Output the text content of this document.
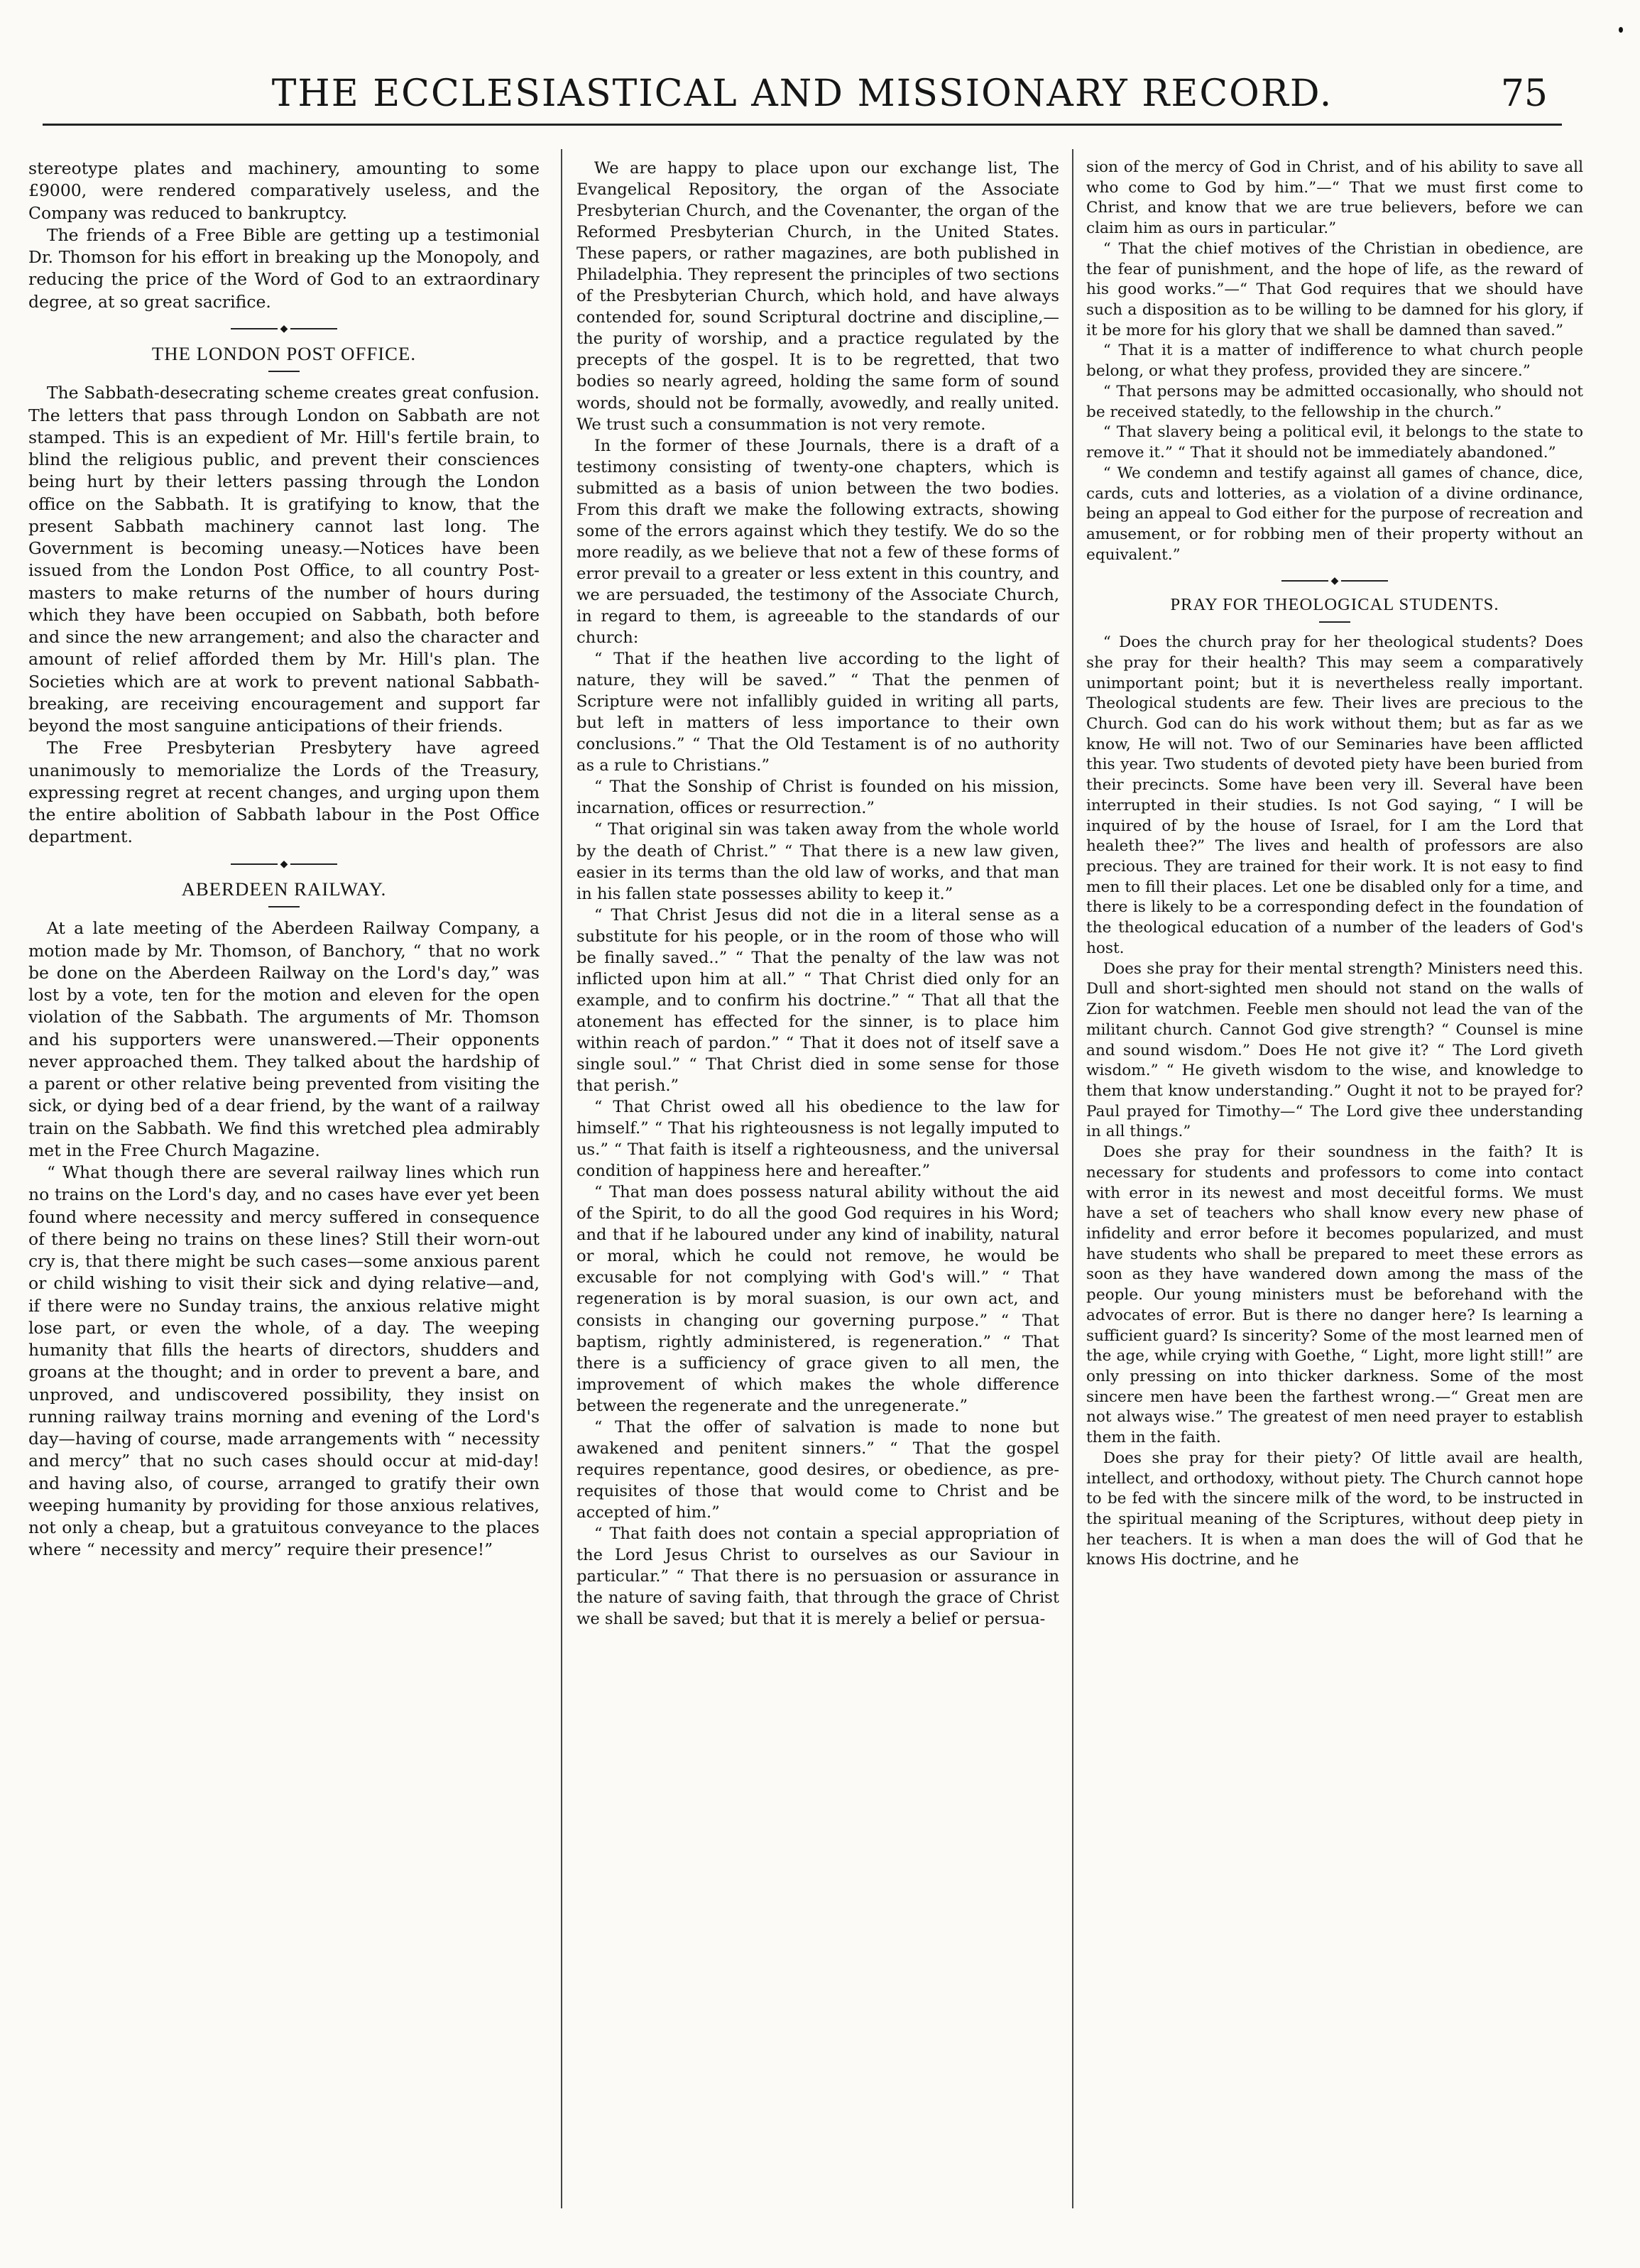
THE ECCLESIASTICAL AND MISSIONARY RECORD.	75

stereotype plates and machinery, amounting to some £9000, were rendered comparatively useless, and the Company was reduced to bankruptcy.

The friends of a Free Bible are getting up a testimonial Dr. Thomson for his effort in breaking up the Monopoly, and reducing the price of the Word of God to an extraordinary degree, at so great sacrifice.

◆
THE LONDON POST OFFICE.

The Sabbath-desecrating scheme creates great confusion. The letters that pass through London on Sabbath are not stamped. This is an expedient of Mr. Hill's fertile brain, to blind the religious public, and prevent their consciences being hurt by their letters passing through the London office on the Sabbath. It is gratifying to know, that the present Sabbath machinery cannot last long. The Government is becoming uneasy.—Notices have been issued from the London Post Office, to all country Post-masters to make returns of the number of hours during which they have been occupied on Sabbath, both before and since the new arrangement; and also the character and amount of relief afforded them by Mr. Hill's plan. The Societies which are at work to prevent national Sabbath-breaking, are receiving encouragement and support far beyond the most sanguine anticipations of their friends.

The Free Presbyterian Presbytery have agreed unanimously to memorialize the Lords of the Treasury, expressing regret at recent changes, and urging upon them the entire abolition of Sabbath labour in the Post Office department.

◆
ABERDEEN RAILWAY.

At a late meeting of the Aberdeen Railway Company, a motion made by Mr. Thomson, of Banchory, “ that no work be done on the Aberdeen Railway on the Lord's day,” was lost by a vote, ten for the motion and eleven for the open violation of the Sabbath. The arguments of Mr. Thomson and his supporters were unanswered.—Their opponents never approached them. They talked about the hardship of a parent or other relative being prevented from visiting the sick, or dying bed of a dear friend, by the want of a railway train on the Sabbath. We find this wretched plea admirably met in the Free Church Magazine.

“ What though there are several railway lines which run no trains on the Lord's day, and no cases have ever yet been found where necessity and mercy suffered in consequence of there being no trains on these lines? Still their worn-out cry is, that there might be such cases—some anxious parent or child wishing to visit their sick and dying relative—and, if there were no Sunday trains, the anxious relative might lose part, or even the whole, of a day. The weeping humanity that fills the hearts of directors, shudders and groans at the thought; and in order to prevent a bare, and unproved, and undiscovered possibility, they insist on running railway trains morning and evening of the Lord's day—having of course, made arrangements with “ necessity and mercy” that no such cases should occur at mid-day! and having also, of course, arranged to gratify their own weeping humanity by providing for those anxious relatives, not only a cheap, but a gratuitous conveyance to the places where “ necessity and mercy” require their presence!”

We are happy to place upon our exchange list, The Evangelical Repository, the organ of the Associate Presbyterian Church, and the Covenanter, the organ of the Reformed Presbyterian Church, in the United States. These papers, or rather magazines, are both published in Philadelphia. They represent the principles of two sections of the Presbyterian Church, which hold, and have always contended for, sound Scriptural doctrine and discipline,—the purity of worship, and a practice regulated by the precepts of the gospel. It is to be regretted, that two bodies so nearly agreed, holding the same form of sound words, should not be formally, avowedly, and really united. We trust such a consummation is not very remote.

In the former of these Journals, there is a draft of a testimony consisting of twenty-one chapters, which is submitted as a basis of union between the two bodies. From this draft we make the following extracts, showing some of the errors against which they testify. We do so the more readily, as we believe that not a few of these forms of error prevail to a greater or less extent in this country, and we are persuaded, the testimony of the Associate Church, in regard to them, is agreeable to the standards of our church:

“ That if the heathen live according to the light of nature, they will be saved.” “ That the penmen of Scripture were not infallibly guided in writing all parts, but left in matters of less importance to their own conclusions.” “ That the Old Testament is of no authority as a rule to Christians.”

“ That the Sonship of Christ is founded on his mission, incarnation, offices or resurrection.”

“ That original sin was taken away from the whole world by the death of Christ.” “ That there is a new law given, easier in its terms than the old law of works, and that man in his fallen state possesses ability to keep it.”

“ That Christ Jesus did not die in a literal sense as a substitute for his people, or in the room of those who will be finally saved..” “ That the penalty of the law was not inflicted upon him at all.” “ That Christ died only for an example, and to confirm his doctrine.” “ That all that the atonement has effected for the sinner, is to place him within reach of pardon.” “ That it does not of itself save a single soul.” “ That Christ died in some sense for those that perish.”

“ That Christ owed all his obedience to the law for himself.” “ That his righteousness is not legally imputed to us.” “ That faith is itself a righteousness, and the universal condition of happiness here and hereafter.”

“ That man does possess natural ability without the aid of the Spirit, to do all the good God requires in his Word; and that if he laboured under any kind of inability, natural or moral, which he could not remove, he would be excusable for not complying with God's will.” “ That regeneration is by moral suasion, is our own act, and consists in changing our governing purpose.” “ That baptism, rightly administered, is regeneration.” “ That there is a sufficiency of grace given to all men, the improvement of which makes the whole difference between the regenerate and the unregenerate.”

“ That the offer of salvation is made to none but awakened and penitent sinners.” “ That the gospel requires repentance, good desires, or obedience, as pre-requisites of those that would come to Christ and be accepted of him.”

“ That faith does not contain a special appropriation of the Lord Jesus Christ to ourselves as our Saviour in particular.” “ That there is no persuasion or assurance in the nature of saving faith, that through the grace of Christ we shall be saved; but that it is merely a belief or persua-

sion of the mercy of God in Christ, and of his ability to save all who come to God by him.”—“ That we must first come to Christ, and know that we are true believers, before we can claim him as ours in particular.”

“ That the chief motives of the Christian in obedience, are the fear of punishment, and the hope of life, as the reward of his good works.”—“ That God requires that we should have such a disposition as to be willing to be damned for his glory, if it be more for his glory that we shall be damned than saved.”

“ That it is a matter of indifference to what church people belong, or what they profess, provided they are sincere.”

“ That persons may be admitted occasionally, who should not be received statedly, to the fellowship in the church.”

“ That slavery being a political evil, it belongs to the state to remove it.” “ That it should not be immediately abandoned.”

“ We condemn and testify against all games of chance, dice, cards, cuts and lotteries, as a violation of a divine ordinance, being an appeal to God either for the purpose of recreation and amusement, or for robbing men of their property without an equivalent.”

◆
PRAY FOR THEOLOGICAL STUDENTS.

“ Does the church pray for her theological students? Does she pray for their health? This may seem a comparatively unimportant point; but it is nevertheless really important. Theological students are few. Their lives are precious to the Church. God can do his work without them; but as far as we know, He will not. Two of our Seminaries have been afflicted this year. Two students of devoted piety have been buried from their precincts. Some have been very ill. Several have been interrupted in their studies. Is not God saying, “ I will be inquired of by the house of Israel, for I am the Lord that healeth thee?” The lives and health of professors are also precious. They are trained for their work. It is not easy to find men to fill their places. Let one be disabled only for a time, and there is likely to be a corresponding defect in the foundation of the theological education of a number of the leaders of God's host.

Does she pray for their mental strength? Ministers need this. Dull and short-sighted men should not stand on the walls of Zion for watchmen. Feeble men should not lead the van of the militant church. Cannot God give strength? “ Counsel is mine and sound wisdom.” Does He not give it? “ The Lord giveth wisdom.” “ He giveth wisdom to the wise, and knowledge to them that know understanding.” Ought it not to be prayed for? Paul prayed for Timothy—“ The Lord give thee understanding in all things.”

Does she pray for their soundness in the faith? It is necessary for students and professors to come into contact with error in its newest and most deceitful forms. We must have a set of teachers who shall know every new phase of infidelity and error before it becomes popularized, and must have students who shall be prepared to meet these errors as soon as they have wandered down among the mass of the people. Our young ministers must be beforehand with the advocates of error. But is there no danger here? Is learning a sufficient guard? Is sincerity? Some of the most learned men of the age, while crying with Goethe, “ Light, more light still!” are only pressing on into thicker darkness. Some of the most sincere men have been the farthest wrong.—“ Great men are not always wise.” The greatest of men need prayer to establish them in the faith.

Does she pray for their piety? Of little avail are health, intellect, and orthodoxy, without piety. The Church cannot hope to be fed with the sincere milk of the word, to be instructed in the spiritual meaning of the Scriptures, without deep piety in her teachers. It is when a man does the will of God that he knows His doctrine, and he
